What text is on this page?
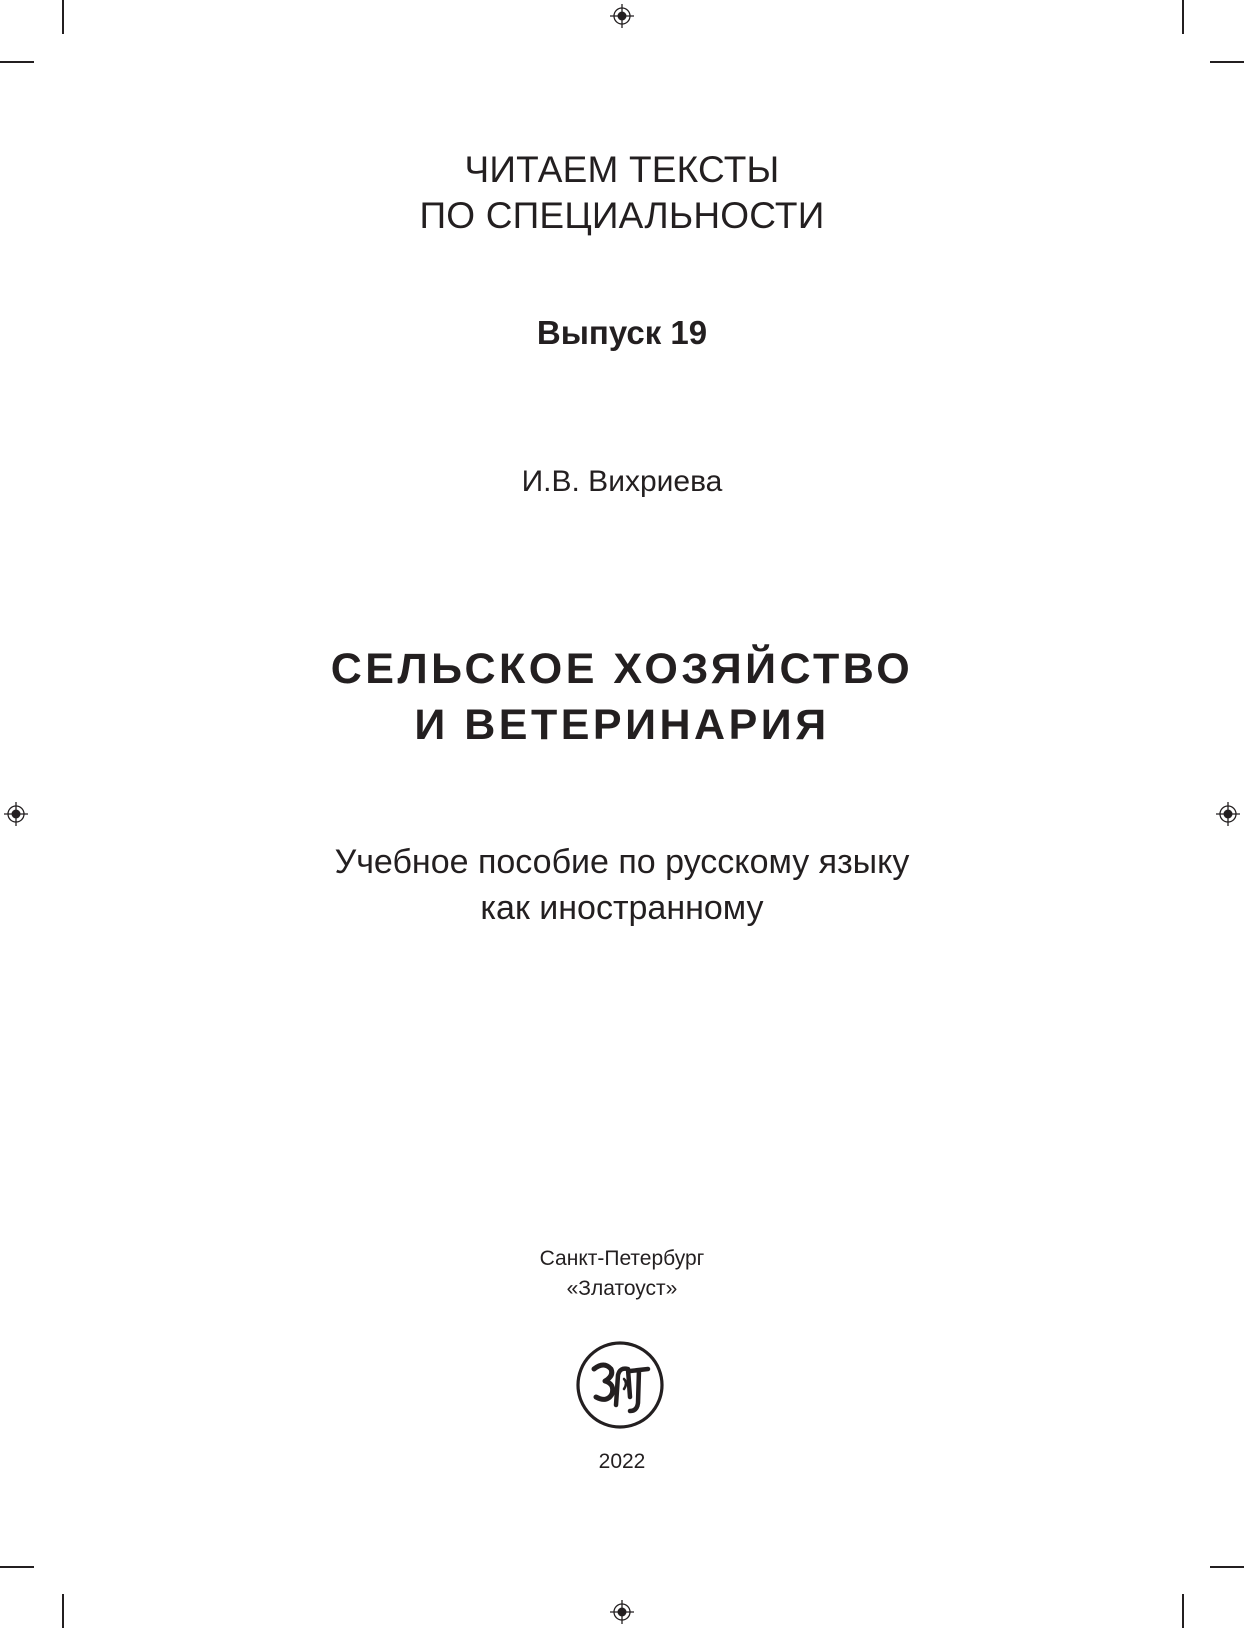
ЧИТАЕМ ТЕКСТЫ
ПО СПЕЦИАЛЬНОСТИ
Выпуск 19
И.В. Вихриева
СЕЛЬСКОЕ ХОЗЯЙСТВО
И ВЕТЕРИНАРИЯ
Учебное пособие по русскому языку
как иностранному
Санкт-Петербург
«Златоуст»
2022
